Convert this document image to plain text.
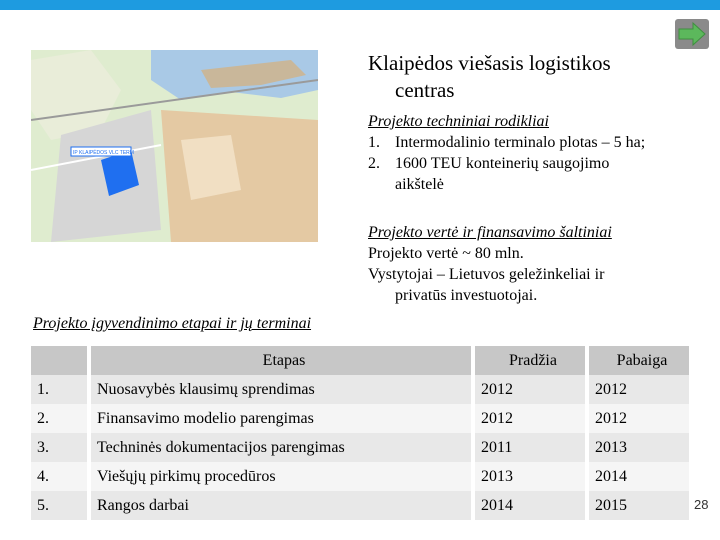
IP KLAIPĖDOS VLC TERM
Klaipėdos viešasis logistikos
centras
Projekto techniniai rodikliai
1. Intermodalinio terminalo plotas – 5 ha;
2. 1600 TEU konteinerių saugojimo aikštelė
Projekto vertė ir finansavimo šaltiniai
Projekto vertė ~ 80 mln.
Vystytojai – Lietuvos geležinkeliai ir privatūs investuotojai.
Projekto įgyvendinimo etapai ir jų terminai
	Etapas	Pradžia	Pabaiga
1.	Nuosavybės klausimų sprendimas	2012	2012
2.	Finansavimo modelio parengimas	2012	2012
3.	Techninės dokumentacijos parengimas	2011	2013
4.	Viešųjų pirkimų procedūros	2013	2014
5.	Rangos darbai	2014	2015	28
